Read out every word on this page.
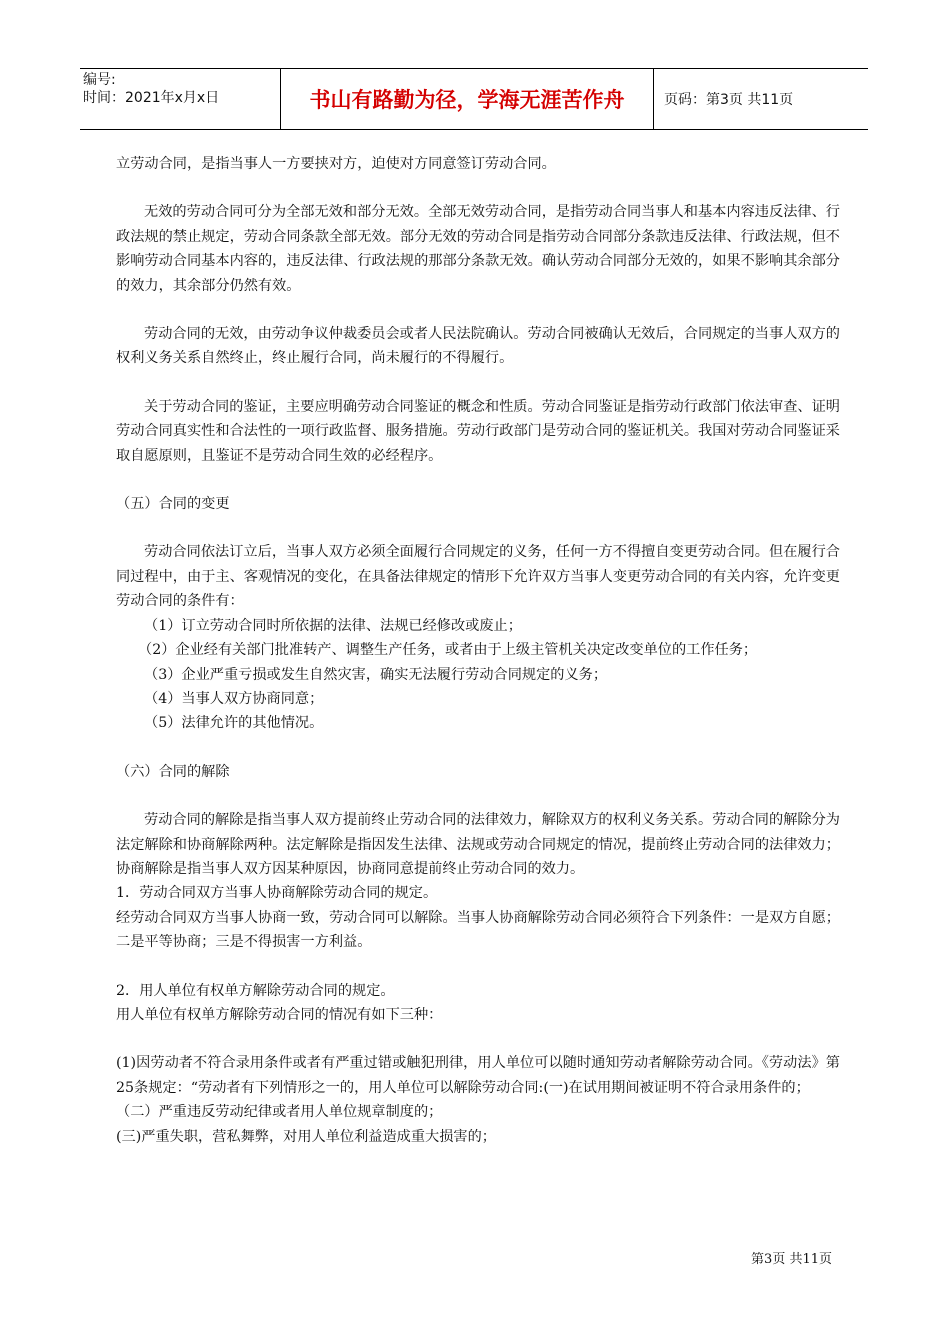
编号:
时间：2021年x月x日	书山有路勤为径，学海无涯苦作舟	页码：第3页 共11页

立劳动合同，是指当事人一方要挟对方，迫使对方同意签订劳动合同。

无效的劳动合同可分为全部无效和部分无效。全部无效劳动合同，是指劳动合同当事人和基本内容违反法律、行政法规的禁止规定，劳动合同条款全部无效。部分无效的劳动合同是指劳动合同部分条款违反法律、行政法规，但不影响劳动合同基本内容的，违反法律、行政法规的那部分条款无效。确认劳动合同部分无效的，如果不影响其余部分的效力，其余部分仍然有效。

劳动合同的无效，由劳动争议仲裁委员会或者人民法院确认。劳动合同被确认无效后，合同规定的当事人双方的权利义务关系自然终止，终止履行合同，尚未履行的不得履行。

关于劳动合同的鉴证，主要应明确劳动合同鉴证的概念和性质。劳动合同鉴证是指劳动行政部门依法审查、证明劳动合同真实性和合法性的一项行政监督、服务措施。劳动行政部门是劳动合同的鉴证机关。我国对劳动合同鉴证采取自愿原则，且鉴证不是劳动合同生效的必经程序。

（五）合同的变更

劳动合同依法订立后，当事人双方必须全面履行合同规定的义务，任何一方不得擅自变更劳动合同。但在履行合同过程中，由于主、客观情况的变化，在具备法律规定的情形下允许双方当事人变更劳动合同的有关内容，允许变更劳动合同的条件有：

（1）订立劳动合同时所依据的法律、法规已经修改或废止；

（2）企业经有关部门批准转产、调整生产任务，或者由于上级主管机关决定改变单位的工作任务；

（3）企业严重亏损或发生自然灾害，确实无法履行劳动合同规定的义务；

（4）当事人双方协商同意；

（5）法律允许的其他情况。

（六）合同的解除

劳动合同的解除是指当事人双方提前终止劳动合同的法律效力，解除双方的权利义务关系。劳动合同的解除分为法定解除和协商解除两种。法定解除是指因发生法律、法规或劳动合同规定的情况，提前终止劳动合同的法律效力；协商解除是指当事人双方因某种原因，协商同意提前终止劳动合同的效力。

1．劳动合同双方当事人协商解除劳动合同的规定。

经劳动合同双方当事人协商一致，劳动合同可以解除。当事人协商解除劳动合同必须符合下列条件：一是双方自愿；二是平等协商；三是不得损害一方利益。

2．用人单位有权单方解除劳动合同的规定。

用人单位有权单方解除劳动合同的情况有如下三种：

(1)因劳动者不符合录用条件或者有严重过错或触犯刑律，用人单位可以随时通知劳动者解除劳动合同。《劳动法》第25条规定：“劳动者有下列情形之一的，用人单位可以解除劳动合同:(一)在试用期间被证明不符合录用条件的；

（二）严重违反劳动纪律或者用人单位规章制度的；

(三)严重失职，营私舞弊，对用人单位利益造成重大损害的；

第3页 共11页
